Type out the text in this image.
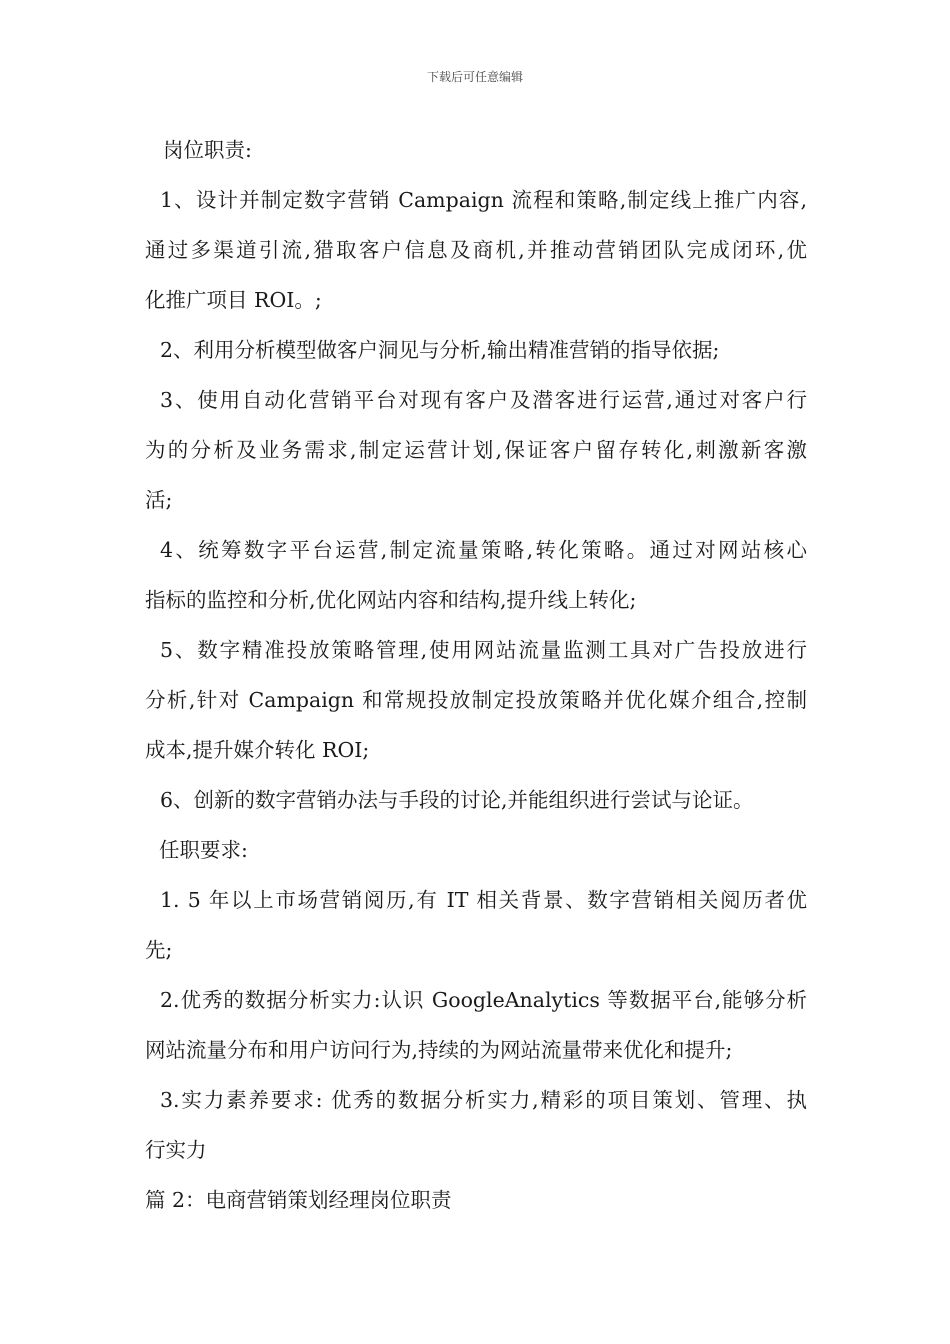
下载后可任意编辑
岗位职责:
1、设计并制定数字营销 Campaign 流程和策略,制定线上推广内容,
通过多渠道引流,猎取客户信息及商机,并推动营销团队完成闭环,优
化推广项目 ROI。;
2、利用分析模型做客户洞见与分析,输出精准营销的指导依据;
3、使用自动化营销平台对现有客户及潜客进行运营,通过对客户行
为的分析及业务需求,制定运营计划,保证客户留存转化,刺激新客激
活;
4、统筹数字平台运营,制定流量策略,转化策略。通过对网站核心
指标的监控和分析,优化网站内容和结构,提升线上转化;
5、数字精准投放策略管理,使用网站流量监测工具对广告投放进行
分析,针对 Campaign 和常规投放制定投放策略并优化媒介组合,控制
成本,提升媒介转化 ROI;
6、创新的数字营销办法与手段的讨论,并能组织进行尝试与论证。
任职要求:
1. 5 年以上市场营销阅历,有 IT 相关背景、数字营销相关阅历者优
先;
2.优秀的数据分析实力:认识 GoogleAnalytics 等数据平台,能够分析
网站流量分布和用户访问行为,持续的为网站流量带来优化和提升;
3.实力素养要求: 优秀的数据分析实力,精彩的项目策划、管理、执
行实力
篇 2：电商营销策划经理岗位职责
